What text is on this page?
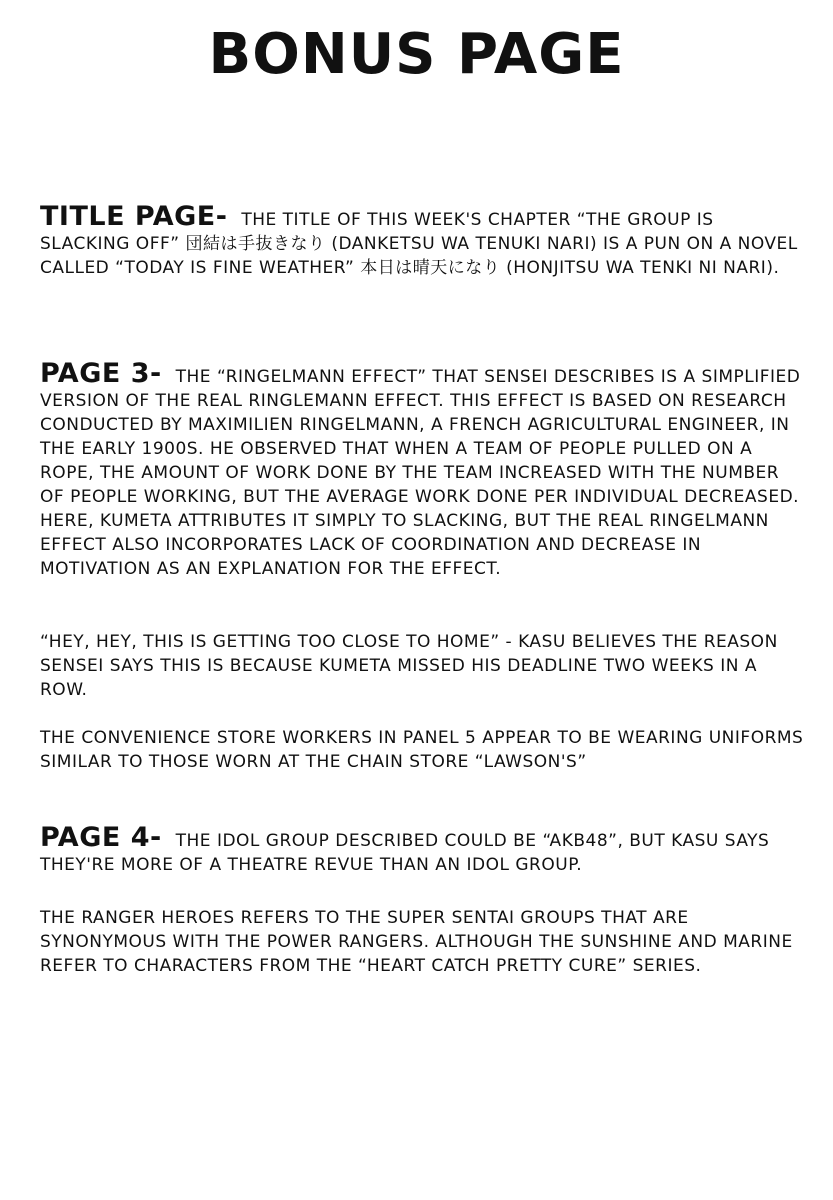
BONUS PAGE

TITLE PAGE- THE TITLE OF THIS WEEK'S CHAPTER “THE GROUP IS SLACKING OFF” 団結は手抜きなり (DANKETSU WA TENUKI NARI) IS A PUN ON A NOVEL CALLED “TODAY IS FINE WEATHER” 本日は晴天になり (HONJITSU WA TENKI NI NARI).

PAGE 3- THE “RINGELMANN EFFECT” THAT SENSEI DESCRIBES IS A SIMPLIFIED VERSION OF THE REAL RINGLEMANN EFFECT. THIS EFFECT IS BASED ON RESEARCH CONDUCTED BY MAXIMILIEN RINGELMANN, A FRENCH AGRICULTURAL ENGINEER, IN THE EARLY 1900S. HE OBSERVED THAT WHEN A TEAM OF PEOPLE PULLED ON A ROPE, THE AMOUNT OF WORK DONE BY THE TEAM INCREASED WITH THE NUMBER OF PEOPLE WORKING, BUT THE AVERAGE WORK DONE PER INDIVIDUAL DECREASED. HERE, KUMETA ATTRIBUTES IT SIMPLY TO SLACKING, BUT THE REAL RINGELMANN EFFECT ALSO INCORPORATES LACK OF COORDINATION AND DECREASE IN MOTIVATION AS AN EXPLANATION FOR THE EFFECT.

“HEY, HEY, THIS IS GETTING TOO CLOSE TO HOME” - KASU BELIEVES THE REASON SENSEI SAYS THIS IS BECAUSE KUMETA MISSED HIS DEADLINE TWO WEEKS IN A ROW.

THE CONVENIENCE STORE WORKERS IN PANEL 5 APPEAR TO BE WEARING UNIFORMS SIMILAR TO THOSE WORN AT THE CHAIN STORE “LAWSON'S”

PAGE 4- THE IDOL GROUP DESCRIBED COULD BE “AKB48”, BUT KASU SAYS THEY'RE MORE OF A THEATRE REVUE THAN AN IDOL GROUP.

THE RANGER HEROES REFERS TO THE SUPER SENTAI GROUPS THAT ARE SYNONYMOUS WITH THE POWER RANGERS. ALTHOUGH THE SUNSHINE AND MARINE REFER TO CHARACTERS FROM THE “HEART CATCH PRETTY CURE” SERIES.
